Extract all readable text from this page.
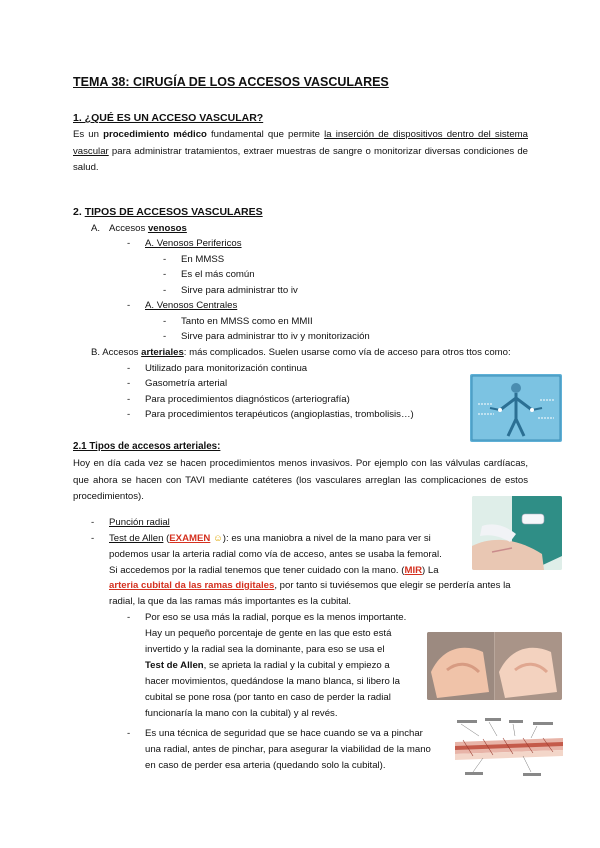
TEMA 38: CIRUGÍA DE LOS ACCESOS VASCULARES
1. ¿QUÉ ES UN ACCESO VASCULAR?
Es un procedimiento médico fundamental que permite la inserción de dispositivos dentro del sistema vascular para administrar tratamientos, extraer muestras de sangre o monitorizar diversas condiciones de salud.
2. TIPOS DE ACCESOS VASCULARES
A. Accesos venosos
- A. Venosos Perifericos
- En MMSS
- Es el más común
- Sirve para administrar tto iv
- A. Venosos Centrales
- Tanto en MMSS como en MMII
- Sirve para administrar tto iv y monitorización
B. Accesos arteriales: más complicados. Suelen usarse como vía de acceso para otros ttos como:
- Utilizado para monitorización continua
- Gasometría arterial
- Para procedimientos diagnósticos (arteriografía)
- Para procedimientos terapéuticos (angioplastias, trombolisis…)
2.1 Tipos de accesos arteriales:
Hoy en día cada vez se hacen procedimientos menos invasivos. Por ejemplo con las válvulas cardíacas, que ahora se hacen con TAVI mediante catéteres (los vasculares arreglan las complicaciones de estos procedimientos).
- Punción radial
- Test de Allen (EXAMEN ☺): es una maniobra a nivel de la mano para ver si
podemos usar la arteria radial como vía de acceso, antes se usaba la femoral.
Si accedemos por la radial tenemos que tener cuidado con la mano. (MIR) La
arteria cubital da las ramas digitales, por tanto si tuviésemos que elegir se perdería antes la
radial, la que da las ramas más importantes es la cubital.
- Por eso se usa más la radial, porque es la menos importante.
Hay un pequeño porcentaje de gente en las que esto está
invertido y la radial sea la dominante, para eso se usa el
Test de Allen, se aprieta la radial y la cubital y empiezo a
hacer movimientos, quedándose la mano blanca, si libero la
cubital se pone rosa (por tanto en caso de perder la radial
funcionaría la mano con la cubital) y al revés.
- Es una técnica de seguridad que se hace cuando se va a pinchar
una radial, antes de pinchar, para asegurar la viabilidad de la mano
en caso de perder esa arteria (quedando solo la cubital).
